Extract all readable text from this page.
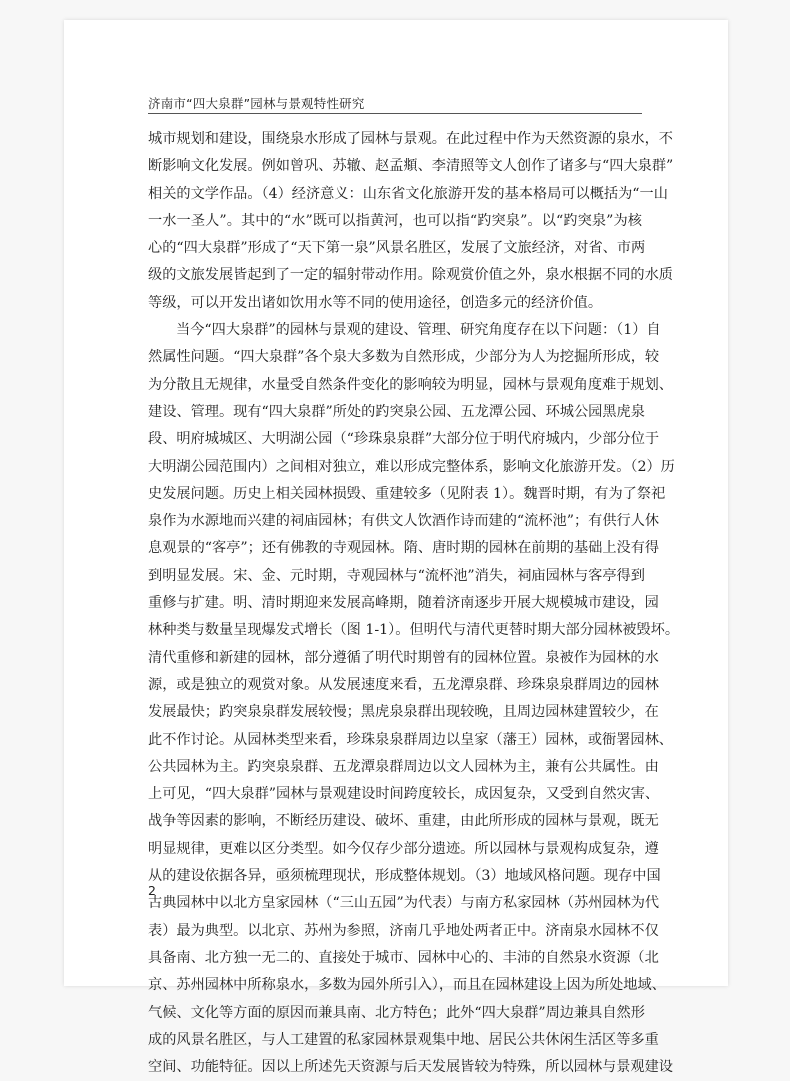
济南市“四大泉群”园林与景观特性研究
城市规划和建设，围绕泉水形成了园林与景观。在此过程中作为天然资源的泉水，不
断影响文化发展。例如曾巩、苏辙、赵孟頫、李清照等文人创作了诸多与“四大泉群”
相关的文学作品。（4）经济意义：山东省文化旅游开发的基本格局可以概括为“一山
一水一圣人”。其中的“水”既可以指黄河，也可以指“趵突泉”。以“趵突泉”为核
心的“四大泉群”形成了“天下第一泉”风景名胜区，发展了文旅经济，对省、市两
级的文旅发展皆起到了一定的辐射带动作用。除观赏价值之外，泉水根据不同的水质
等级，可以开发出诸如饮用水等不同的使用途径，创造多元的经济价值。
当今“四大泉群”的园林与景观的建设、管理、研究角度存在以下问题：（1）自
然属性问题。“四大泉群”各个泉大多数为自然形成，少部分为人为挖掘所形成，较
为分散且无规律，水量受自然条件变化的影响较为明显，园林与景观角度难于规划、
建设、管理。现有“四大泉群”所处的趵突泉公园、五龙潭公园、环城公园黑虎泉
段、明府城城区、大明湖公园（“珍珠泉泉群”大部分位于明代府城内，少部分位于
大明湖公园范围内）之间相对独立，难以形成完整体系，影响文化旅游开发。（2）历
史发展问题。历史上相关园林损毁、重建较多（见附表 1）。魏晋时期，有为了祭祀
泉作为水源地而兴建的祠庙园林；有供文人饮酒作诗而建的“流杯池”；有供行人休
息观景的“客亭”；还有佛教的寺观园林。隋、唐时期的园林在前期的基础上没有得
到明显发展。宋、金、元时期，寺观园林与“流杯池”消失，祠庙园林与客亭得到
重修与扩建。明、清时期迎来发展高峰期，随着济南逐步开展大规模城市建设，园
林种类与数量呈现爆发式增长（图 1-1）。但明代与清代更替时期大部分园林被毁坏。
清代重修和新建的园林，部分遵循了明代时期曾有的园林位置。泉被作为园林的水
源，或是独立的观赏对象。从发展速度来看，五龙潭泉群、珍珠泉泉群周边的园林
发展最快；趵突泉泉群发展较慢；黑虎泉泉群出现较晚，且周边园林建置较少，在
此不作讨论。从园林类型来看，珍珠泉泉群周边以皇家（藩王）园林，或衙署园林、
公共园林为主。趵突泉泉群、五龙潭泉群周边以文人园林为主，兼有公共属性。由
上可见，“四大泉群”园林与景观建设时间跨度较长，成因复杂，又受到自然灾害、
战争等因素的影响，不断经历建设、破坏、重建，由此所形成的园林与景观，既无
明显规律，更难以区分类型。如今仅存少部分遗迹。所以园林与景观构成复杂，遵
从的建设依据各异，亟须梳理现状，形成整体规划。（3）地域风格问题。现存中国
古典园林中以北方皇家园林（“三山五园”为代表）与南方私家园林（苏州园林为代
表）最为典型。以北京、苏州为参照，济南几乎地处两者正中。济南泉水园林不仅
具备南、北方独一无二的、直接处于城市、园林中心的、丰沛的自然泉水资源（北
京、苏州园林中所称泉水，多数为园外所引入），而且在园林建设上因为所处地域、
气候、文化等方面的原因而兼具南、北方特色；此外“四大泉群”周边兼具自然形
成的风景名胜区，与人工建置的私家园林景观集中地、居民公共休闲生活区等多重
空间、功能特征。因以上所述先天资源与后天发展皆较为特殊，所以园林与景观建设
2
